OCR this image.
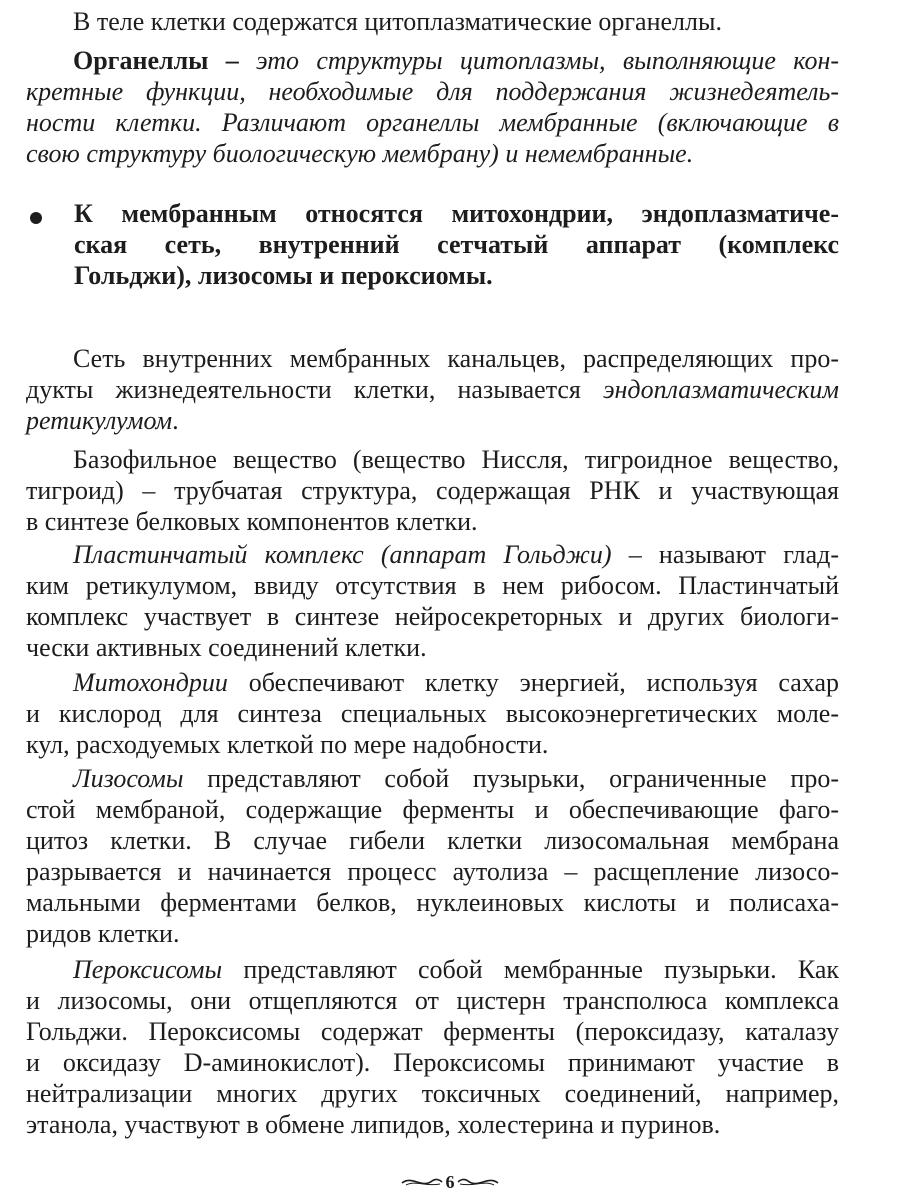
В теле клетки содержатся цитоплазматические органеллы.
Органеллы – это структуры цитоплазмы, выполняющие кон-
кретные функции, необходимые для поддержания жизнедеятель-
ности клетки. Различают органеллы мембранные (включающие в
свою структуру биологическую мембрану) и немембранные.
К мембранным относятся митохондрии, эндоплазматиче-
ская сеть, внутренний сетчатый аппарат (комплекс
Гольджи), лизосомы и пероксиомы.
Сеть внутренних мембранных канальцев, распределяющих про-
дукты жизнедеятельности клетки, называется эндоплазматическим
ретикулумом.
Базофильное вещество (вещество Ниссля, тигроидное вещество,
тигроид) – трубчатая структура, содержащая РНК и участвующая
в синтезе белковых компонентов клетки.
Пластинчатый комплекс (аппарат Гольджи) – называют глад-
ким ретикулумом, ввиду отсутствия в нем рибосом. Пластинчатый
комплекс участвует в синтезе нейросекреторных и других биологи-
чески активных соединений клетки.
Митохондрии обеспечивают клетку энергией, используя сахар
и кислород для синтеза специальных высокоэнергетических моле-
кул, расходуемых клеткой по мере надобности.
Лизосомы представляют собой пузырьки, ограниченные про-
стой мембраной, содержащие ферменты и обеспечивающие фаго-
цитоз клетки. В случае гибели клетки лизосомальная мембрана
разрывается и начинается процесс аутолиза – расщепление лизосо-
мальными ферментами белков, нуклеиновых кислоты и полисаха-
ридов клетки.
Пероксисомы представляют собой мембранные пузырьки. Как
и лизосомы, они отщепляются от цистерн трансполюса комплекса
Гольджи. Пероксисомы содержат ферменты (пероксидазу, каталазу
и оксидазу D-аминокислот). Пероксисомы принимают участие в
нейтрализации многих других токсичных соединений, например,
этанола, участвуют в обмене липидов, холестерина и пуринов.
6
